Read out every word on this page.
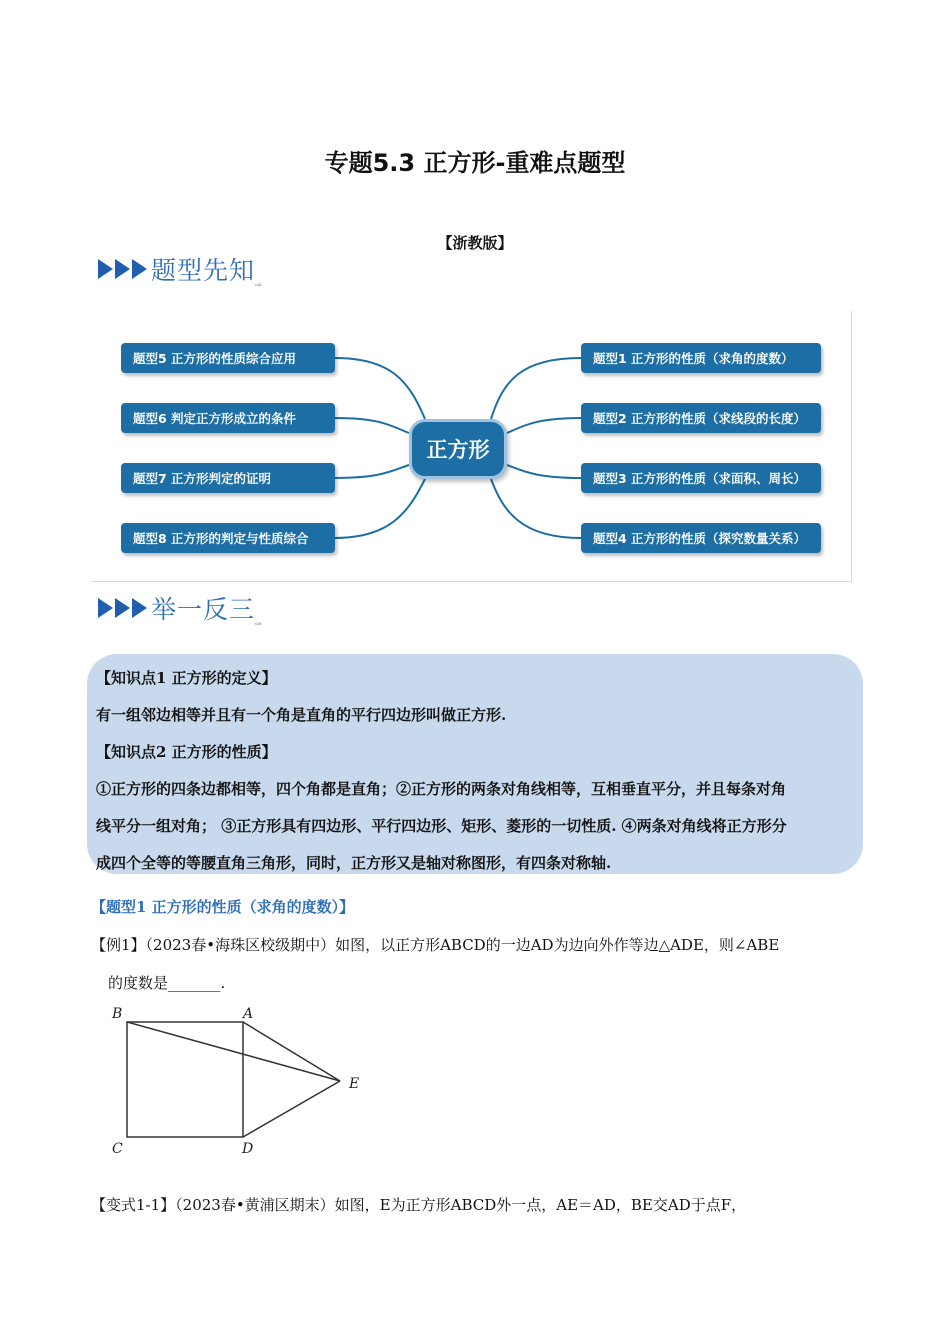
专题5.3 正方形-重难点题型
【浙教版】
题型先知 ulit
题型5 正方形的性质综合应用
题型6 判定正方形成立的条件
题型7 正方形判定的证明
题型8 正方形的判定与性质综合
正方形
题型1 正方形的性质（求角的度数）
题型2 正方形的性质（求线段的长度）
题型3 正方形的性质（求面积、周长）
题型4 正方形的性质（探究数量关系）
举一反三 ulit

【知识点1 正方形的定义】

有一组邻边相等并且有一个角是直角的平行四边形叫做正方形.

【知识点2 正方形的性质】

①正方形的四条边都相等，四个角都是直角；②正方形的两条对角线相等，互相垂直平分，并且每条对角

线平分一组对角； ③正方形具有四边形、平行四边形、矩形、菱形的一切性质. ④两条对角线将正方形分

成四个全等的等腰直角三角形，同时，正方形又是轴对称图形，有四条对称轴.

【题型1 正方形的性质（求角的度数）】
【例1】（2023春•海珠区校级期中）如图，以正方形ABCD的一边AD为边向外作等边△ADE，则∠ABE
的度数是_______.
B	A
E
C	D
【变式1-1】（2023春•黄浦区期末）如图，E为正方形ABCD外一点，AE＝AD，BE交AD于点F，
